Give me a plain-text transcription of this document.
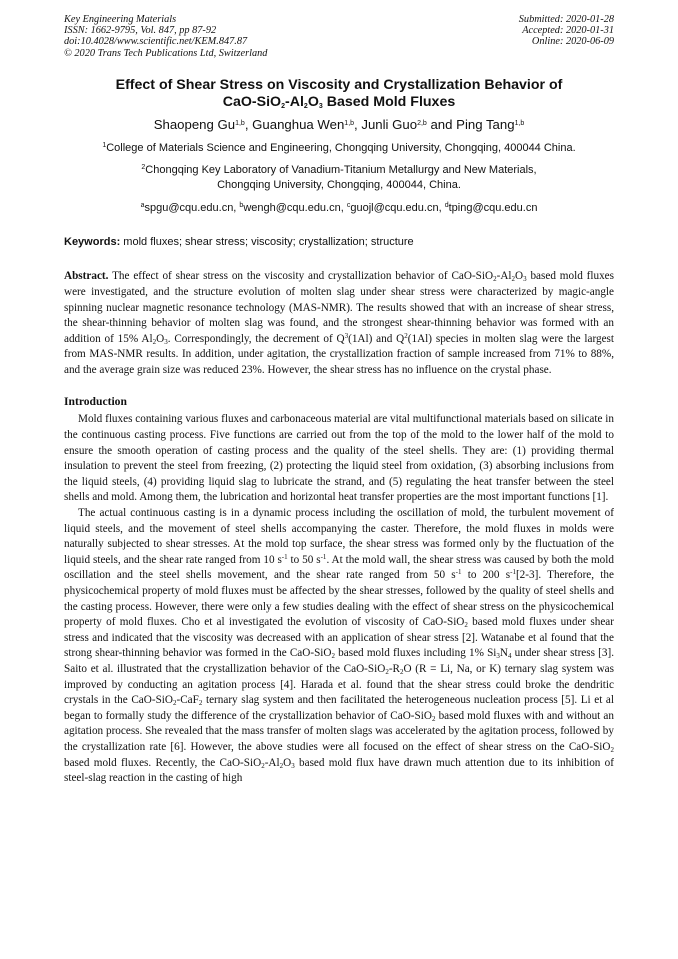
Key Engineering Materials
ISSN: 1662-9795, Vol. 847, pp 87-92
doi:10.4028/www.scientific.net/KEM.847.87
© 2020 Trans Tech Publications Ltd, Switzerland
Submitted: 2020-01-28
Accepted: 2020-01-31
Online: 2020-06-09
Effect of Shear Stress on Viscosity and Crystallization Behavior of
CaO-$SiO_2-Al_2O_3$ Based Mold Fluxes
Shaopeng Gu$^{1,b}$, Guanghua Wen$^{1,b}$, Junli Guo$^{2,b}$ and Ping Tang$^{1,b}$
$^1$College of Materials Science and Engineering, Chongqing University, Chongqing, 400044 China.
$^2$Chongqing Key Laboratory of Vanadium-Titanium Metallurgy and New Materials,
Chongqing University, Chongqing, 400044, China.
$^a$spgu@cqu.edu.cn, $^b$wengh@cqu.edu.cn, $^c$guojl@cqu.edu.cn, $^d$tping@cqu.edu.cn
Keywords: mold fluxes; shear stress; viscosity; crystallization; structure
Abstract. The effect of shear stress on the viscosity and crystallization behavior of CaO-$SiO_2-Al_2O_3$ based mold fluxes were investigated, and the structure evolution of molten slag under shear stress were characterized by magic-angle spinning nuclear magnetic resonance technology (MAS-NMR). The results showed that with an increase of shear stress, the shear-thinning behavior of molten slag was found, and the strongest shear-thinning behavior was formed with an addition of 15% $Al_2O_3$. Correspondingly, the decrement of $Q^3(1Al)$ and $Q^2(1Al)$ species in molten slag were the largest from MAS-NMR results. In addition, under agitation, the crystallization fraction of sample increased from 71% to 88%, and the average grain size was reduced 23%. However, the shear stress has no influence on the crystal phase.
Introduction
Mold fluxes containing various fluxes and carbonaceous material are vital multifunctional materials based on silicate in the continuous casting process. Five functions are carried out from the top of the mold to the lower half of the mold to ensure the smooth operation of casting process and the quality of the steel shells. They are: (1) providing thermal insulation to prevent the steel from freezing, (2) protecting the liquid steel from oxidation, (3) absorbing inclusions from the liquid steels, (4) providing liquid slag to lubricate the strand, and (5) regulating the heat transfer between the steel shells and mold. Among them, the lubrication and horizontal heat transfer properties are the most important functions [1].
The actual continuous casting is in a dynamic process including the oscillation of mold, the turbulent movement of liquid steels, and the movement of steel shells accompanying the caster. Therefore, the mold fluxes in molds were naturally subjected to shear stresses. At the mold top surface, the shear stress was formed only by the fluctuation of the liquid steels, and the shear rate ranged from 10 $s^{-1}$ to 50 $s^{-1}$. At the mold wall, the shear stress was caused by both the mold oscillation and the steel shells movement, and the shear rate ranged from 50 $s^{-1}$ to 200 $s^{-1}[2-3]$. Therefore, the physicochemical property of mold fluxes must be affected by the shear stresses, followed by the quality of steel shells and the casting process. However, there were only a few studies dealing with the effect of shear stress on the physicochemical property of mold fluxes. Cho et al investigated the evolution of viscosity of CaO-SiO$_2$ based mold fluxes under shear stress and indicated that the viscosity was decreased with an application of shear stress [2]. Watanabe et al found that the strong shear-thinning behavior was formed in the CaO-SiO$_2$ based mold fluxes including 1% $Si_3N_4$ under shear stress [3]. Saito et al. illustrated that the crystallization behavior of the CaO-$SiO_2-R_2O$ (R = Li, Na, or K) ternary slag system was improved by conducting an agitation process [4]. Harada et al. found that the shear stress could broke the dendritic crystals in the CaO-SiO$_2$-CaF$_2$ ternary slag system and then facilitated the heterogeneous nucleation process [5]. Li et al began to formally study the difference of the crystallization behavior of CaO-SiO$_2$ based mold fluxes with and without an agitation process. She revealed that the mass transfer of molten slags was accelerated by the agitation process, followed by the crystallization rate [6]. However, the above studies were all focused on the effect of shear stress on the CaO-SiO$_2$ based mold fluxes. Recently, the CaO-$SiO_2-Al_2O_3$ based mold flux have drawn much attention due to its inhibition of steel-slag reaction in the casting of high
